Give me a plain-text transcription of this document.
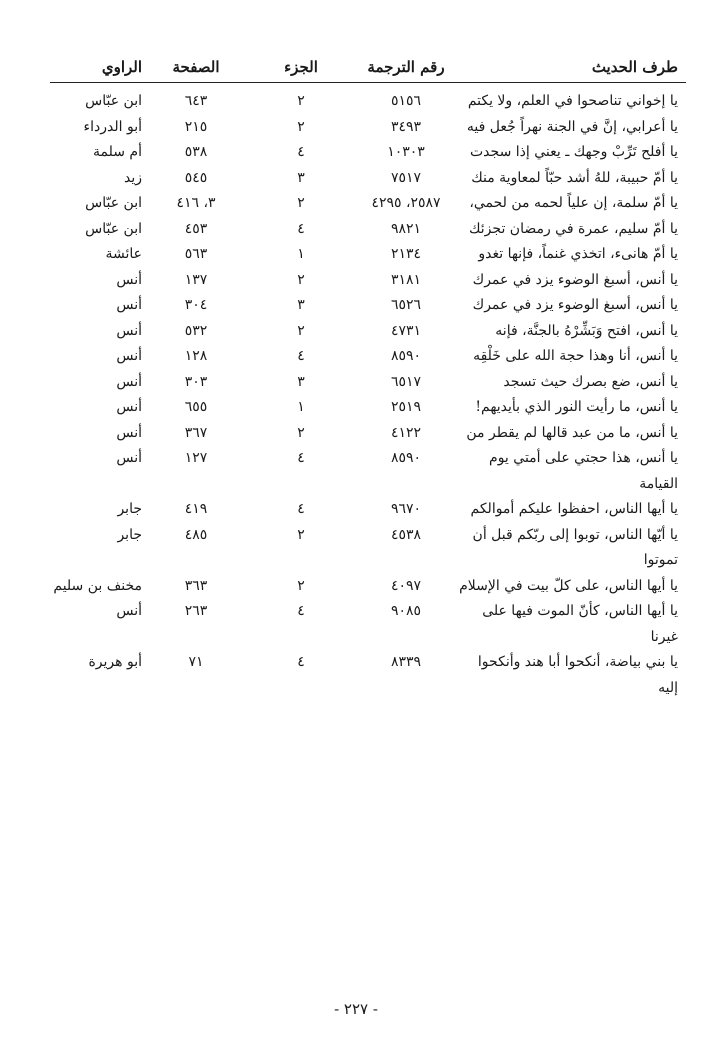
طرف الحديث
رقم الترجمة
الجزء
الصفحة
الراوي
يا إخواني تناصحوا في العلم، ولا يكتم
٥١٥٦
٢
٦٤٣
ابن عبّاس
يا أعرابي، إنَّ في الجنة نهراً جُعل فيه
٣٤٩٣
٢
٢١٥
أبو الدرداء
يا أفلح تَرِّبْ وجهك ـ يعني إذا سجدت
١٠٣٠٣
٤
٥٣٨
أم سلمة
يا أمّ حبيبة، للهُ أشد حبّاً لمعاوية منك
٧٥١٧
٣
٥٤٥
زيد
يا أمّ سلمة، إن علياً لحمه من لحمي،
٢٥٨٧، ٤٢٩٥
٢
٣، ٤١٦
ابن عبّاس
يا أمّ سليم، عمرة في رمضان تجزئك
٩٨٢١
٤
٤٥٣
ابن عبّاس
يا أمّ هانىء، اتخذي غنماً، فإنها تغدو
٢١٣٤
١
٥٦٣
عائشة
يا أنس، أسبغ الوضوء يزد في عمرك
٣١٨١
٢
١٣٧
أنس
يا أنس، أسبغ الوضوء يزد في عمرك
٦٥٢٦
٣
٣٠٤
أنس
يا أنس، افتح وَبَشِّرْهُ بالجنَّة، فإنه
٤٧٣١
٢
٥٣٢
أنس
يا أنس، أنا وهذا حجة الله على خَلْقِه
٨٥٩٠
٤
١٢٨
أنس
يا أنس، ضع بصرك حيث تسجد
٦٥١٧
٣
٣٠٣
أنس
يا أنس، ما رأيت النور الذي بأيديهم!
٢٥١٩
١
٦٥٥
أنس
يا أنس، ما من عبد قالها لم يقطر من
٤١٢٢
٢
٣٦٧
أنس
يا أنس، هذا حجتي على أمتي يوم القيامة
٨٥٩٠
٤
١٢٧
أنس
يا أيها الناس، احفظوا عليكم أموالكم
٩٦٧٠
٤
٤١٩
جابر
يا أيّها الناس، توبوا إلى ربّكم قبل أن تموتوا
٤٥٣٨
٢
٤٨٥
جابر
يا أيها الناس، على كلّ بيت في الإسلام
٤٠٩٧
٢
٣٦٣
مخنف بن سليم
يا أيها الناس، كأنّ الموت فيها على غيرنا
٩٠٨٥
٤
٢٦٣
أنس
يا بني بياضة، أنكحوا أبا هند وأنكحوا إليه
٨٣٣٩
٤
٧١
أبو هريرة
- ٢٢٧ -
